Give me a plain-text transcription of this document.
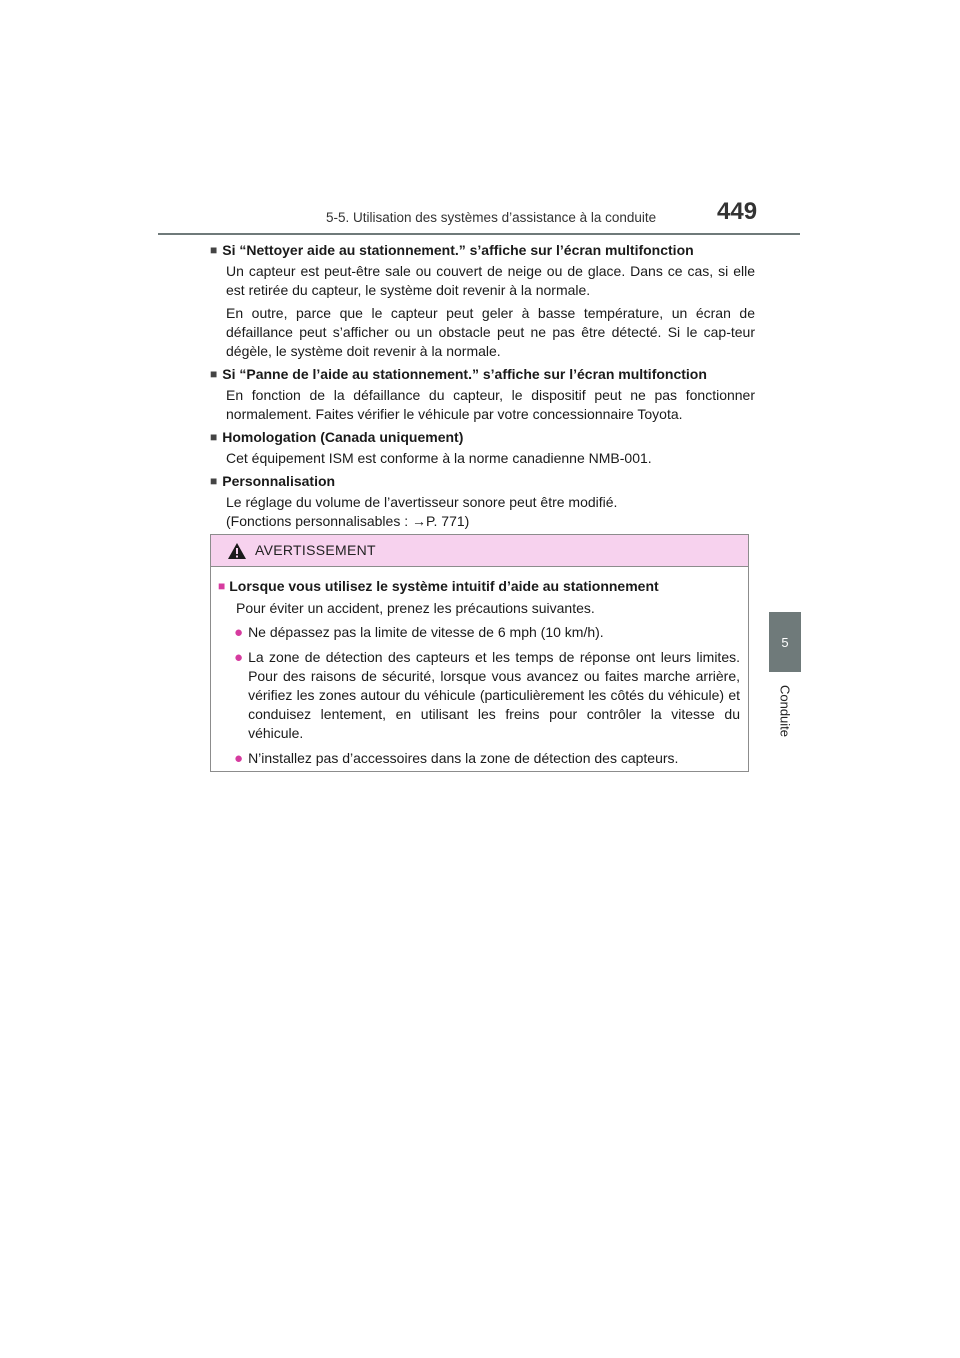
5-5. Utilisation des systèmes d’assistance à la conduite	449
5
Conduite
■ Si “Nettoyer aide au stationnement.” s’affiche sur l’écran multifonction
Un capteur est peut-être sale ou couvert de neige ou de glace. Dans ce cas, si elle est retirée du capteur, le système doit revenir à la normale.
En outre, parce que le capteur peut geler à basse température, un écran de défaillance peut s’afficher ou un obstacle peut ne pas être détecté. Si le cap-teur dégèle, le système doit revenir à la normale.
■ Si “Panne de l’aide au stationnement.” s’affiche sur l’écran multifonction
En fonction de la défaillance du capteur, le dispositif peut ne pas fonctionner normalement. Faites vérifier le véhicule par votre concessionnaire Toyota.
■ Homologation (Canada uniquement)
Cet équipement ISM est conforme à la norme canadienne NMB-001.
■ Personnalisation
Le réglage du volume de l’avertisseur sonore peut être modifié.
(Fonctions personnalisables : →P. 771)
AVERTISSEMENT
■ Lorsque vous utilisez le système intuitif d’aide au stationnement
Pour éviter un accident, prenez les précautions suivantes.
● Ne dépassez pas la limite de vitesse de 6 mph (10 km/h).
● La zone de détection des capteurs et les temps de réponse ont leurs limites. Pour des raisons de sécurité, lorsque vous avancez ou faites marche arrière, vérifiez les zones autour du véhicule (particulièrement les côtés du véhicule) et conduisez lentement, en utilisant les freins pour contrôler la vitesse du véhicule.
● N’installez pas d’accessoires dans la zone de détection des capteurs.
